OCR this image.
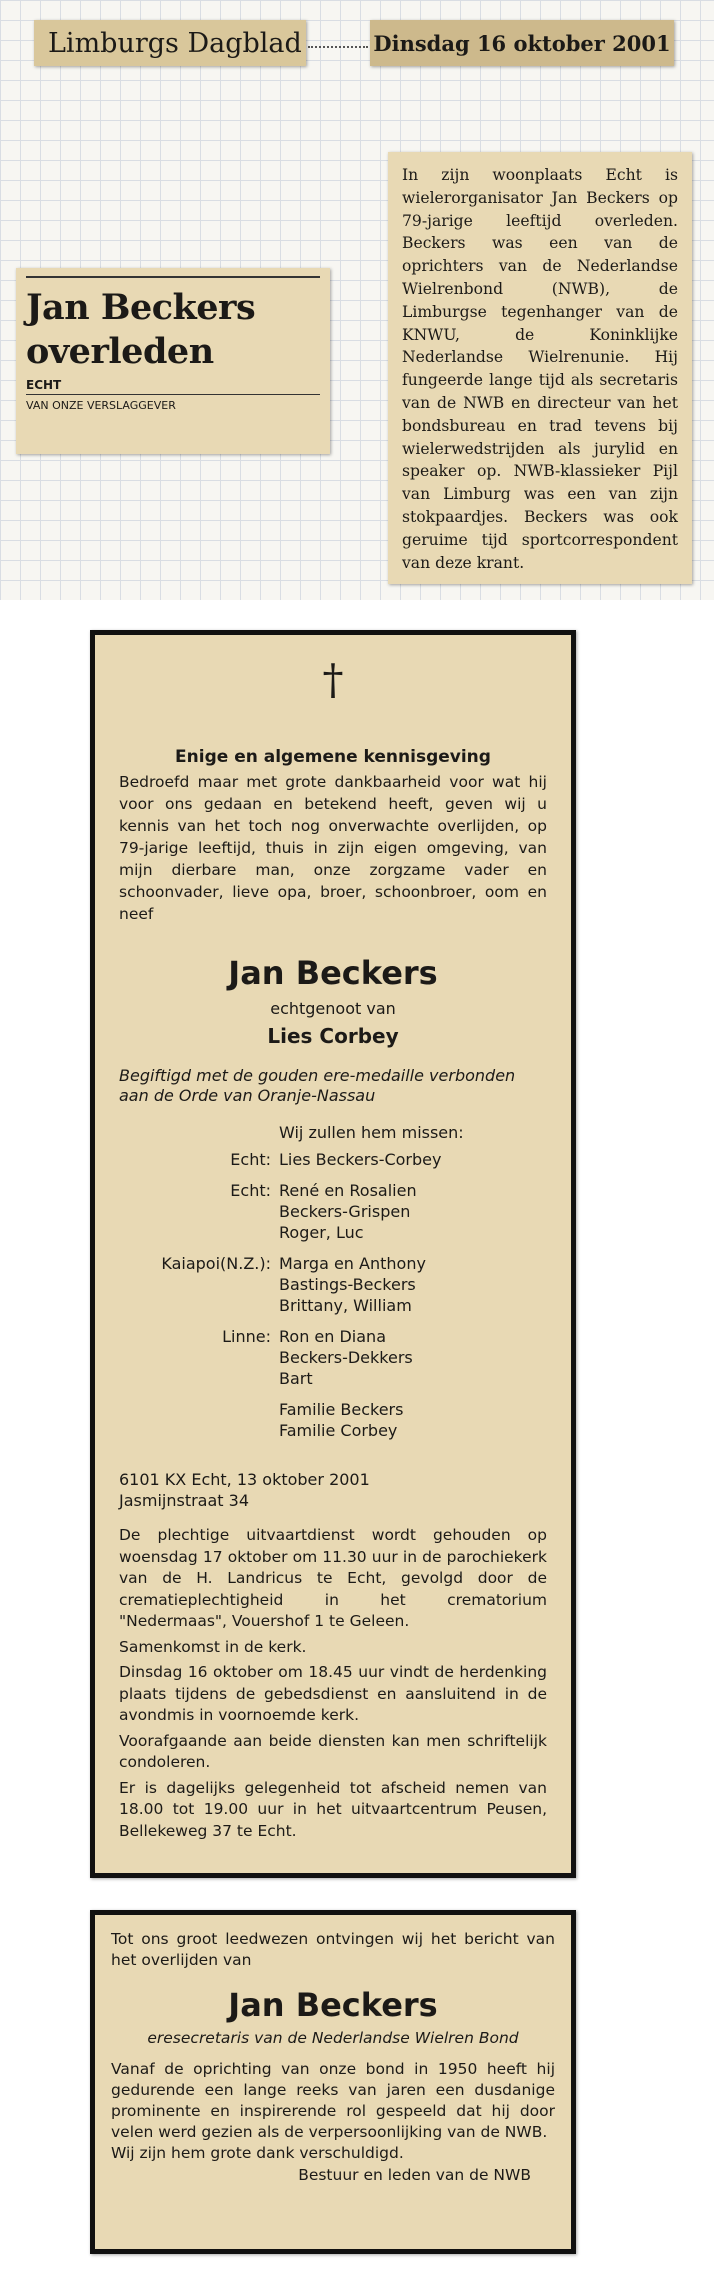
Limburgs Dagblad	Dinsdag 16 oktober 2001
Jan Beckers overleden
ECHT
VAN ONZE VERSLAGGEVER
In zijn woonplaats Echt is wielerorganisator Jan Beckers op 79-jarige leeftijd overleden. Beckers was een van de oprichters van de Nederlandse Wielrenbond (NWB), de Limburgse tegenhanger van de KNWU, de Koninklijke Nederlandse Wielrenunie. Hij fungeerde lange tijd als secretaris van de NWB en directeur van het bondsbureau en trad tevens bij wielerwedstrijden als jurylid en speaker op. NWB-klassieker Pijl van Limburg was een van zijn stokpaardjes. Beckers was ook geruime tijd sportcorrespondent van deze krant.
†
Enige en algemene kennisgeving
Bedroefd maar met grote dankbaarheid voor wat hij voor ons gedaan en betekend heeft, geven wij u kennis van het toch nog onverwachte overlijden, op 79-jarige leeftijd, thuis in zijn eigen omgeving, van mijn dierbare man, onze zorgzame vader en schoonvader, lieve opa, broer, schoonbroer, oom en neef
Jan Beckers
echtgenoot van
Lies Corbey
Begiftigd met de gouden ere-medaille verbonden aan de Orde van Oranje-Nassau
Wij zullen hem missen:
Echt: Lies Beckers-Corbey
Echt: René en Rosalien
Beckers-Grispen
Roger, Luc
Kaiapoi(N.Z.): Marga en Anthony
Bastings-Beckers
Brittany, William
Linne: Ron en Diana
Beckers-Dekkers
Bart
Familie Beckers
Familie Corbey
6101 KX Echt, 13 oktober 2001
Jasmijnstraat 34
De plechtige uitvaartdienst wordt gehouden op woensdag 17 oktober om 11.30 uur in de parochiekerk van de H. Landricus te Echt, gevolgd door de crematieplechtigheid in het crematorium "Nedermaas", Vouershof 1 te Geleen.
Samenkomst in de kerk.
Dinsdag 16 oktober om 18.45 uur vindt de herdenking plaats tijdens de gebedsdienst en aansluitend in de avondmis in voornoemde kerk.
Voorafgaande aan beide diensten kan men schriftelijk condoleren.
Er is dagelijks gelegenheid tot afscheid nemen van 18.00 tot 19.00 uur in het uitvaartcentrum Peusen, Bellekeweg 37 te Echt.
Tot ons groot leedwezen ontvingen wij het bericht van het overlijden van
Jan Beckers
eresecretaris van de Nederlandse Wielren Bond
Vanaf de oprichting van onze bond in 1950 heeft hij gedurende een lange reeks van jaren een dusdanige prominente en inspirerende rol gespeeld dat hij door velen werd gezien als de verpersoonlijking van de NWB.
Wij zijn hem grote dank verschuldigd.
Bestuur en leden van de NWB
